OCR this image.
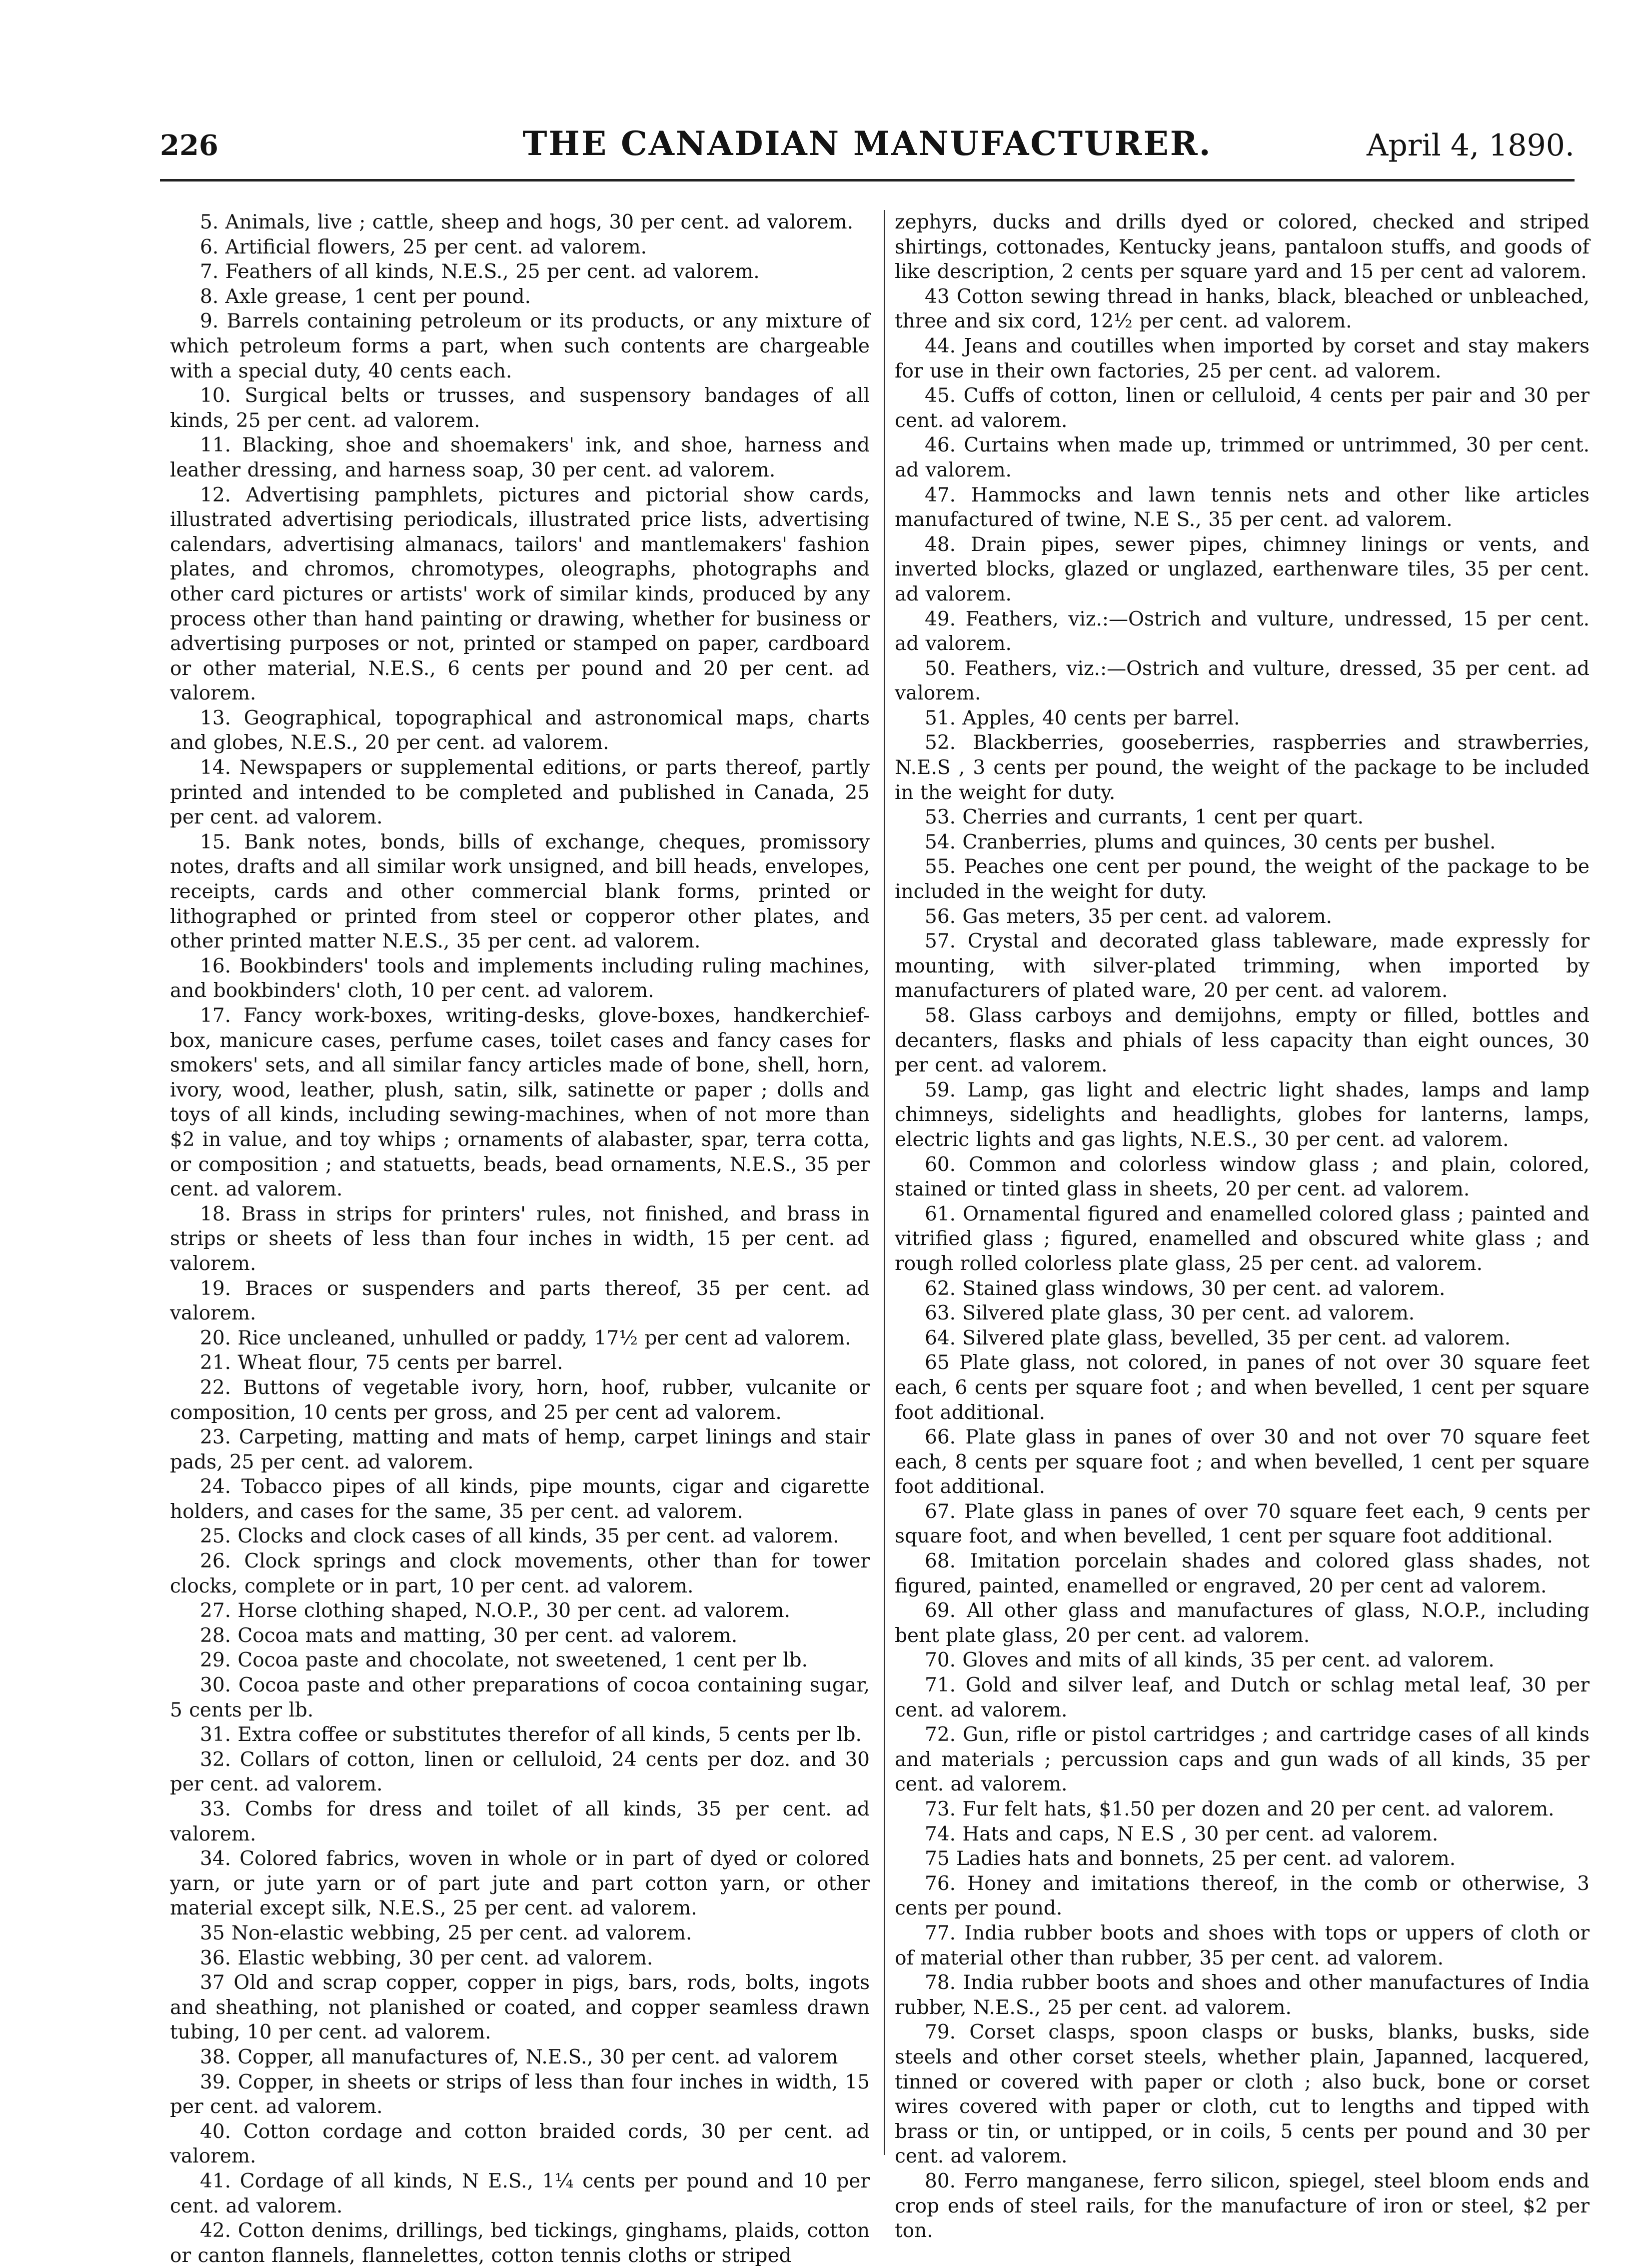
226	THE CANADIAN MANUFACTURER.	April 4, 1890.

5. Animals, live ; cattle, sheep and hogs, 30 per cent. ad valorem.

6. Artificial flowers, 25 per cent. ad valorem.

7. Feathers of all kinds, N.E.S., 25 per cent. ad valorem.

8. Axle grease, 1 cent per pound.

9. Barrels containing petroleum or its products, or any mixture of which petroleum forms a part, when such contents are chargeable with a special duty, 40 cents each.

10. Surgical belts or trusses, and suspensory bandages of all kinds, 25 per cent. ad valorem.

11. Blacking, shoe and shoemakers' ink, and shoe, harness and leather dressing, and harness soap, 30 per cent. ad valorem.

12. Advertising pamphlets, pictures and pictorial show cards, illustrated advertising periodicals, illustrated price lists, advertising calendars, advertising almanacs, tailors' and mantlemakers' fashion plates, and chromos, chromotypes, oleographs, photographs and other card pictures or artists' work of similar kinds, produced by any process other than hand painting or drawing, whether for business or advertising purposes or not, printed or stamped on paper, cardboard or other material, N.E.S., 6 cents per pound and 20 per cent. ad valorem.

13. Geographical, topographical and astronomical maps, charts and globes, N.E.S., 20 per cent. ad valorem.

14. Newspapers or supplemental editions, or parts thereof, partly printed and intended to be completed and published in Canada, 25 per cent. ad valorem.

15. Bank notes, bonds, bills of exchange, cheques, promissory notes, drafts and all similar work unsigned, and bill heads, envelopes, receipts, cards and other commercial blank forms, printed or lithographed or printed from steel or copperor other plates, and other printed matter N.E.S., 35 per cent. ad valorem.

16. Bookbinders' tools and implements including ruling machines, and bookbinders' cloth, 10 per cent. ad valorem.

17. Fancy work-boxes, writing-desks, glove-boxes, handkerchief-box, manicure cases, perfume cases, toilet cases and fancy cases for smokers' sets, and all similar fancy articles made of bone, shell, horn, ivory, wood, leather, plush, satin, silk, satinette or paper ; dolls and toys of all kinds, including sewing-machines, when of not more than $2 in value, and toy whips ; ornaments of alabaster, spar, terra cotta, or composition ; and statuetts, beads, bead ornaments, N.E.S., 35 per cent. ad valorem.

18. Brass in strips for printers' rules, not finished, and brass in strips or sheets of less than four inches in width, 15 per cent. ad valorem.

19. Braces or suspenders and parts thereof, 35 per cent. ad valorem.

20. Rice uncleaned, unhulled or paddy, 17½ per cent ad valorem.

21. Wheat flour, 75 cents per barrel.

22. Buttons of vegetable ivory, horn, hoof, rubber, vulcanite or composition, 10 cents per gross, and 25 per cent ad valorem.

23. Carpeting, matting and mats of hemp, carpet linings and stair pads, 25 per cent. ad valorem.

24. Tobacco pipes of all kinds, pipe mounts, cigar and cigarette holders, and cases for the same, 35 per cent. ad valorem.

25. Clocks and clock cases of all kinds, 35 per cent. ad valorem.

26. Clock springs and clock movements, other than for tower clocks, complete or in part, 10 per cent. ad valorem.

27. Horse clothing shaped, N.O.P., 30 per cent. ad valorem.

28. Cocoa mats and matting, 30 per cent. ad valorem.

29. Cocoa paste and chocolate, not sweetened, 1 cent per lb.

30. Cocoa paste and other preparations of cocoa containing sugar, 5 cents per lb.

31. Extra coffee or substitutes therefor of all kinds, 5 cents per lb.

32. Collars of cotton, linen or celluloid, 24 cents per doz. and 30 per cent. ad valorem.

33. Combs for dress and toilet of all kinds, 35 per cent. ad valorem.

34. Colored fabrics, woven in whole or in part of dyed or colored yarn, or jute yarn or of part jute and part cotton yarn, or other material except silk, N.E.S., 25 per cent. ad valorem.

35 Non-elastic webbing, 25 per cent. ad valorem.

36. Elastic webbing, 30 per cent. ad valorem.

37 Old and scrap copper, copper in pigs, bars, rods, bolts, ingots and sheathing, not planished or coated, and copper seamless drawn tubing, 10 per cent. ad valorem.

38. Copper, all manufactures of, N.E.S., 30 per cent. ad valorem

39. Copper, in sheets or strips of less than four inches in width, 15 per cent. ad valorem.

40. Cotton cordage and cotton braided cords, 30 per cent. ad valorem.

41. Cordage of all kinds, N E.S., 1¼ cents per pound and 10 per cent. ad valorem.

42. Cotton denims, drillings, bed tickings, ginghams, plaids, cotton or canton flannels, flannelettes, cotton tennis cloths or striped

zephyrs, ducks and drills dyed or colored, checked and striped shirtings, cottonades, Kentucky jeans, pantaloon stuffs, and goods of like description, 2 cents per square yard and 15 per cent ad valorem.

43 Cotton sewing thread in hanks, black, bleached or unbleached, three and six cord, 12½ per cent. ad valorem.

44. Jeans and coutilles when imported by corset and stay makers for use in their own factories, 25 per cent. ad valorem.

45. Cuffs of cotton, linen or celluloid, 4 cents per pair and 30 per cent. ad valorem.

46. Curtains when made up, trimmed or untrimmed, 30 per cent. ad valorem.

47. Hammocks and lawn tennis nets and other like articles manufactured of twine, N.E S., 35 per cent. ad valorem.

48. Drain pipes, sewer pipes, chimney linings or vents, and inverted blocks, glazed or unglazed, earthenware tiles, 35 per cent. ad valorem.

49. Feathers, viz.:—Ostrich and vulture, undressed, 15 per cent. ad valorem.

50. Feathers, viz.:—Ostrich and vulture, dressed, 35 per cent. ad valorem.

51. Apples, 40 cents per barrel.

52. Blackberries, gooseberries, raspberries and strawberries, N.E.S , 3 cents per pound, the weight of the package to be included in the weight for duty.

53. Cherries and currants, 1 cent per quart.

54. Cranberries, plums and quinces, 30 cents per bushel.

55. Peaches one cent per pound, the weight of the package to be included in the weight for duty.

56. Gas meters, 35 per cent. ad valorem.

57. Crystal and decorated glass tableware, made expressly for mounting, with silver-plated trimming, when imported by manufacturers of plated ware, 20 per cent. ad valorem.

58. Glass carboys and demijohns, empty or filled, bottles and decanters, flasks and phials of less capacity than eight ounces, 30 per cent. ad valorem.

59. Lamp, gas light and electric light shades, lamps and lamp chimneys, sidelights and headlights, globes for lanterns, lamps, electric lights and gas lights, N.E.S., 30 per cent. ad valorem.

60. Common and colorless window glass ; and plain, colored, stained or tinted glass in sheets, 20 per cent. ad valorem.

61. Ornamental figured and enamelled colored glass ; painted and vitrified glass ; figured, enamelled and obscured white glass ; and rough rolled colorless plate glass, 25 per cent. ad valorem.

62. Stained glass windows, 30 per cent. ad valorem.

63. Silvered plate glass, 30 per cent. ad valorem.

64. Silvered plate glass, bevelled, 35 per cent. ad valorem.

65 Plate glass, not colored, in panes of not over 30 square feet each, 6 cents per square foot ; and when bevelled, 1 cent per square foot additional.

66. Plate glass in panes of over 30 and not over 70 square feet each, 8 cents per square foot ; and when bevelled, 1 cent per square foot additional.

67. Plate glass in panes of over 70 square feet each, 9 cents per square foot, and when bevelled, 1 cent per square foot additional.

68. Imitation porcelain shades and colored glass shades, not figured, painted, enamelled or engraved, 20 per cent ad valorem.

69. All other glass and manufactures of glass, N.O.P., including bent plate glass, 20 per cent. ad valorem.

70. Gloves and mits of all kinds, 35 per cent. ad valorem.

71. Gold and silver leaf, and Dutch or schlag metal leaf, 30 per cent. ad valorem.

72. Gun, rifle or pistol cartridges ; and cartridge cases of all kinds and materials ; percussion caps and gun wads of all kinds, 35 per cent. ad valorem.

73. Fur felt hats, $1.50 per dozen and 20 per cent. ad valorem.

74. Hats and caps, N E.S , 30 per cent. ad valorem.

75 Ladies hats and bonnets, 25 per cent. ad valorem.

76. Honey and imitations thereof, in the comb or otherwise, 3 cents per pound.

77. India rubber boots and shoes with tops or uppers of cloth or of material other than rubber, 35 per cent. ad valorem.

78. India rubber boots and shoes and other manufactures of India rubber, N.E.S., 25 per cent. ad valorem.

79. Corset clasps, spoon clasps or busks, blanks, busks, side steels and other corset steels, whether plain, Japanned, lacquered, tinned or covered with paper or cloth ; also buck, bone or corset wires covered with paper or cloth, cut to lengths and tipped with brass or tin, or untipped, or in coils, 5 cents per pound and 30 per cent. ad valorem.

80. Ferro manganese, ferro silicon, spiegel, steel bloom ends and crop ends of steel rails, for the manufacture of iron or steel, $2 per ton.
